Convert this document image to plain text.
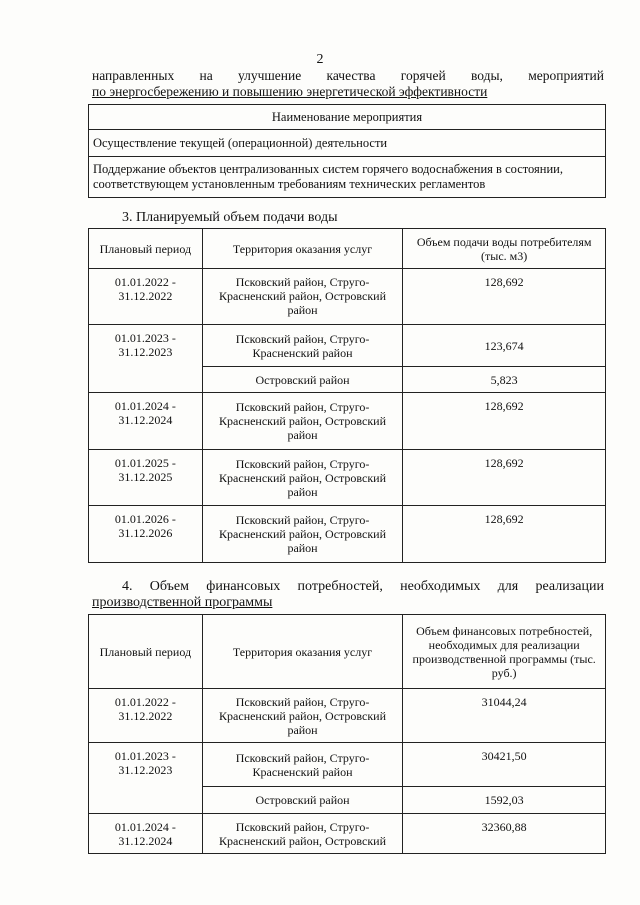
2
направленных на улучшение качества горячей воды, мероприятий
по энергосбережению и повышению энергетической эффективности
Наименование мероприятия
Осуществление текущей (операционной) деятельности
Поддержание объектов централизованных систем горячего водоснабжения в состоянии, соответствующем установленным требованиям технических регламентов
3. Планируемый объем подачи воды
Плановый период	Территория оказания услуг	Объем подачи воды потребителям (тыс. м3)
01.01.2022 - 31.12.2022	Псковский район, Струго-Красненский район, Островский район	128,692
01.01.2023 - 31.12.2023	Псковский район, Струго-Красненский район	123,674
	Островский район	5,823
01.01.2024 - 31.12.2024	Псковский район, Струго-Красненский район, Островский район	128,692
01.01.2025 - 31.12.2025	Псковский район, Струго-Красненский район, Островский район	128,692
01.01.2026 - 31.12.2026	Псковский район, Струго-Красненский район, Островский район	128,692
4. Объем финансовых потребностей, необходимых для реализации
производственной программы
Плановый период	Территория оказания услуг	Объем финансовых потребностей, необходимых для реализации производственной программы (тыс. руб.)
01.01.2022 - 31.12.2022	Псковский район, Струго-Красненский район, Островский район	31044,24
01.01.2023 - 31.12.2023	Псковский район, Струго-Красненский район	30421,50
	Островский район	1592,03
01.01.2024 - 31.12.2024	Псковский район, Струго-Красненский район, Островский	32360,88
